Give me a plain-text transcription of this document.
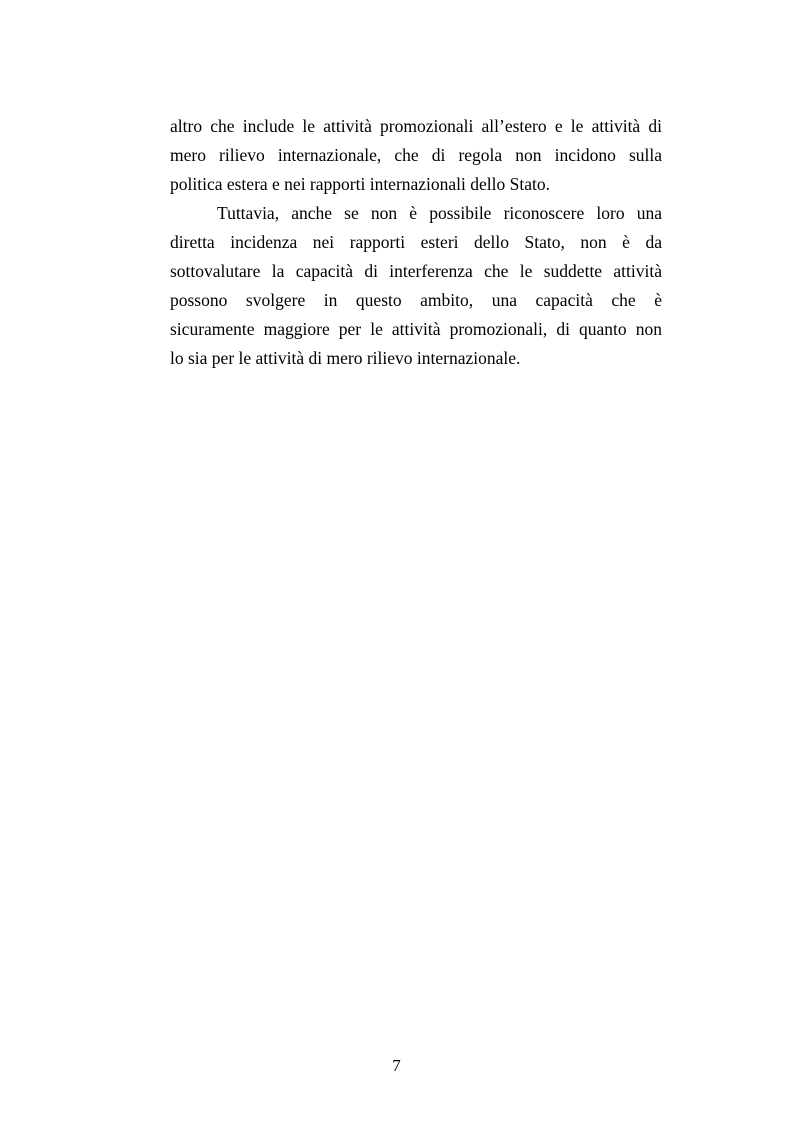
altro che include le attività promozionali all’estero e le attività di
mero rilievo internazionale, che di regola non incidono sulla
politica estera e nei rapporti internazionali dello Stato.
Tuttavia, anche se non è possibile riconoscere loro una
diretta incidenza nei rapporti esteri dello Stato, non è da
sottovalutare la capacità di interferenza che le suddette attività
possono svolgere in questo ambito, una capacità che è
sicuramente maggiore per le attività promozionali, di quanto non
lo sia per le attività di mero rilievo internazionale.
7
